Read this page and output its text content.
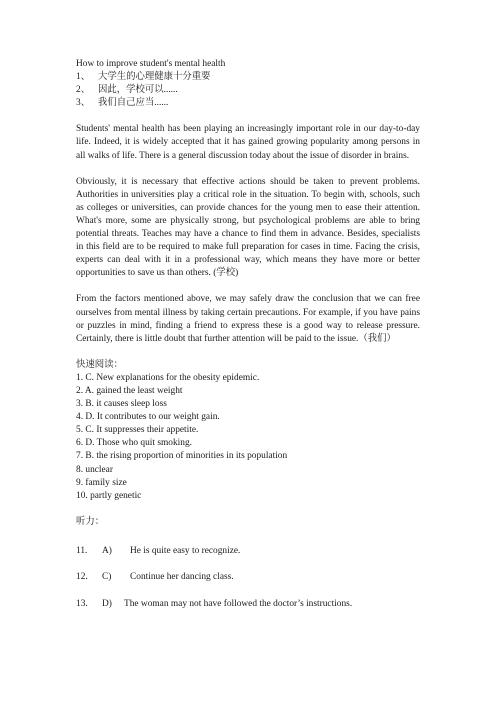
How to improve student's mental health
1、 大学生的心理健康十分重要
2、 因此，学校可以......
3、 我们自己应当......

Students' mental health has been playing an increasingly important role in our day-to-day life. Indeed, it is widely accepted that it has gained growing popularity among persons in all walks of life. There is a general discussion today about the issue of disorder in brains.

Obviously, it is necessary that effective actions should be taken to prevent problems. Authorities in universities play a critical role in the situation. To begin with, schools, such as colleges or universities, can provide chances for the young men to ease their attention. What's more, some are physically strong, but psychological problems are able to bring potential threats. Teaches may have a chance to find them in advance. Besides, specialists in this field are to be required to make full preparation for cases in time. Facing the crisis, experts can deal with it in a professional way, which means they have more or better opportunities to save us than others. (学校)

From the factors mentioned above, we may safely draw the conclusion that we can free ourselves from mental illness by taking certain precautions. For example, if you have pains or puzzles in mind, finding a friend to express these is a good way to release pressure. Certainly, there is little doubt that further attention will be paid to the issue.（我们）

快速阅读：
1. C. New explanations for the obesity epidemic.
2. A. gained the least weight
3. B. it causes sleep loss
4. D. It contributes to our weight gain.
5. C. It suppresses their appetite.
6. D. Those who quit smoking.
7. B. the rising proportion of minorities in its population
8. unclear
9. family size
10. partly genetic
听力：
11.	A)	He is quite easy to recognize.
12.	C)	Continue her dancing class.
13.	D)	The woman may not have followed the doctor’s instructions.
